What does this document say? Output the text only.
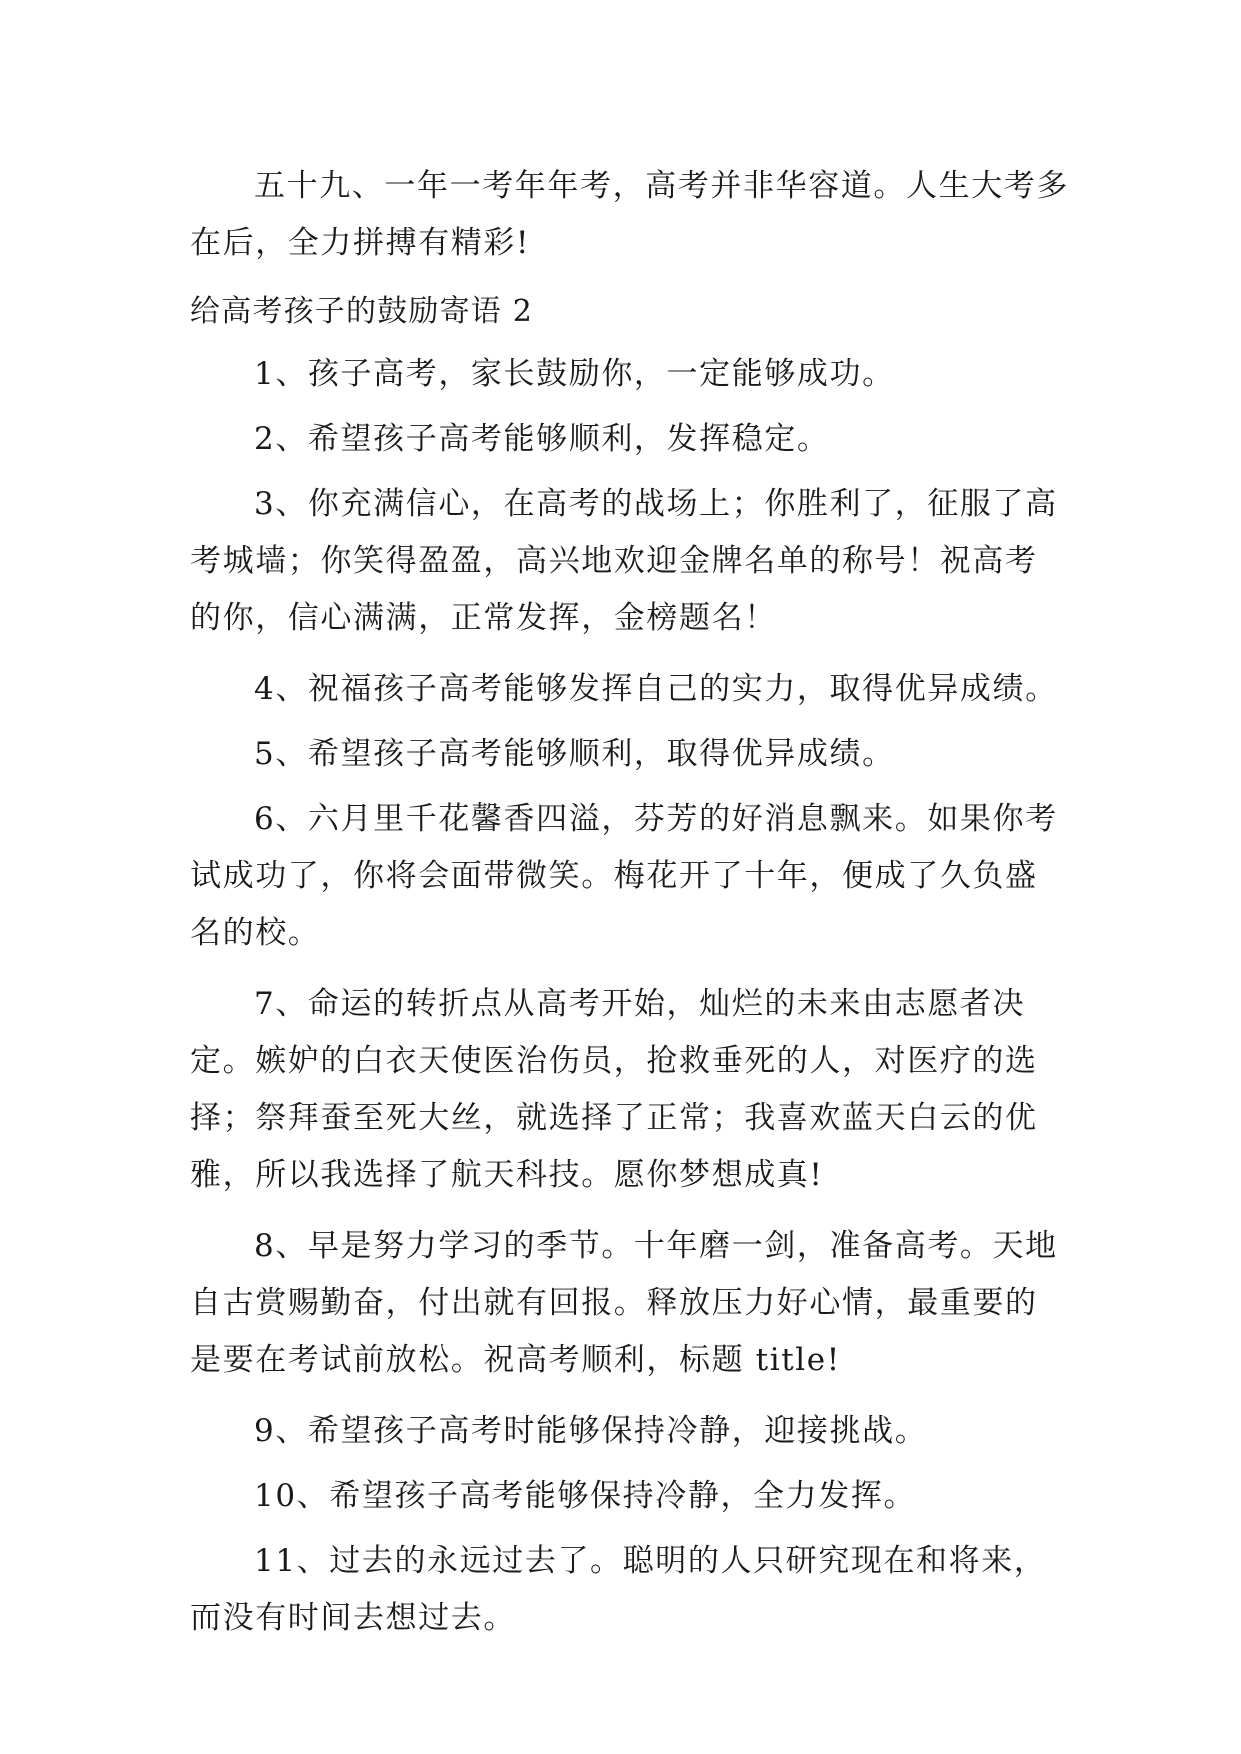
五十九、一年一考年年考，高考并非华容道。人生大考多在后，全力拼搏有精彩!

给高考孩子的鼓励寄语 2

1、孩子高考，家长鼓励你，一定能够成功。

2、希望孩子高考能够顺利，发挥稳定。

3、你充满信心，在高考的战场上；你胜利了，征服了高考城墙；你笑得盈盈，高兴地欢迎金牌名单的称号！祝高考的你，信心满满，正常发挥，金榜题名！

4、祝福孩子高考能够发挥自己的实力，取得优异成绩。

5、希望孩子高考能够顺利，取得优异成绩。

6、六月里千花馨香四溢，芬芳的好消息飘来。如果你考试成功了，你将会面带微笑。梅花开了十年，便成了久负盛名的校。

7、命运的转折点从高考开始，灿烂的未来由志愿者决定。嫉妒的白衣天使医治伤员，抢救垂死的人，对医疗的选择；祭拜蚕至死大丝，就选择了正常；我喜欢蓝天白云的优雅，所以我选择了航天科技。愿你梦想成真!

8、早是努力学习的季节。十年磨一剑，准备高考。天地自古赏赐勤奋，付出就有回报。释放压力好心情，最重要的是要在考试前放松。祝高考顺利，标题 title!

9、希望孩子高考时能够保持冷静，迎接挑战。

10、希望孩子高考能够保持冷静，全力发挥。

11、过去的永远过去了。聪明的人只研究现在和将来，而没有时间去想过去。
